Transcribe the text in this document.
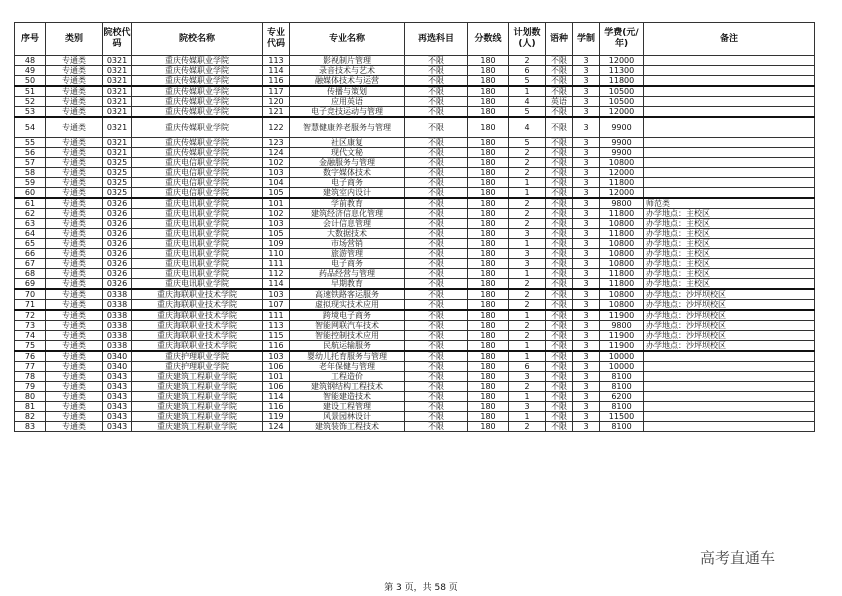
序号	类别	院校代码	院校名称	专业代码	专业名称	再选科目	分数线	计划数(人)	语种	学制	学费(元/年)	备注
48	专通类	0321	重庆传媒职业学院	113	影视制片管理	不限	180	2	不限	3	12000	
49	专通类	0321	重庆传媒职业学院	114	录音技术与艺术	不限	180	6	不限	3	11300	
50	专通类	0321	重庆传媒职业学院	116	融媒体技术与运营	不限	180	5	不限	3	11800	
51	专通类	0321	重庆传媒职业学院	117	传播与策划	不限	180	1	不限	3	10500	
52	专通类	0321	重庆传媒职业学院	120	应用英语	不限	180	4	英语	3	10500	
53	专通类	0321	重庆传媒职业学院	121	电子竞技运动与管理	不限	180	5	不限	3	12000	
54	专通类	0321	重庆传媒职业学院	122	智慧健康养老服务与管理	不限	180	4	不限	3	9900	
55	专通类	0321	重庆传媒职业学院	123	社区康复	不限	180	5	不限	3	9900	
56	专通类	0321	重庆传媒职业学院	124	现代文秘	不限	180	2	不限	3	9900	
57	专通类	0325	重庆电信职业学院	102	金融服务与管理	不限	180	2	不限	3	10800	
58	专通类	0325	重庆电信职业学院	103	数字媒体技术	不限	180	2	不限	3	12000	
59	专通类	0325	重庆电信职业学院	104	电子商务	不限	180	1	不限	3	11800	
60	专通类	0325	重庆电信职业学院	105	建筑室内设计	不限	180	1	不限	3	12000	
61	专通类	0326	重庆电讯职业学院	101	学前教育	不限	180	2	不限	3	9800	师范类
62	专通类	0326	重庆电讯职业学院	102	建筑经济信息化管理	不限	180	2	不限	3	11800	办学地点：主校区
63	专通类	0326	重庆电讯职业学院	103	会计信息管理	不限	180	2	不限	3	10800	办学地点：主校区
64	专通类	0326	重庆电讯职业学院	105	大数据技术	不限	180	3	不限	3	11800	办学地点：主校区
65	专通类	0326	重庆电讯职业学院	109	市场营销	不限	180	1	不限	3	10800	办学地点：主校区
66	专通类	0326	重庆电讯职业学院	110	旅游管理	不限	180	3	不限	3	10800	办学地点：主校区
67	专通类	0326	重庆电讯职业学院	111	电子商务	不限	180	3	不限	3	10800	办学地点：主校区
68	专通类	0326	重庆电讯职业学院	112	药品经营与管理	不限	180	1	不限	3	11800	办学地点：主校区
69	专通类	0326	重庆电讯职业学院	114	早期教育	不限	180	2	不限	3	11800	办学地点：主校区
70	专通类	0338	重庆海联职业技术学院	103	高速铁路客运服务	不限	180	2	不限	3	10800	办学地点：沙坪坝校区
71	专通类	0338	重庆海联职业技术学院	107	虚拟现实技术应用	不限	180	2	不限	3	10800	办学地点：沙坪坝校区
72	专通类	0338	重庆海联职业技术学院	111	跨境电子商务	不限	180	1	不限	3	11900	办学地点：沙坪坝校区
73	专通类	0338	重庆海联职业技术学院	113	智能网联汽车技术	不限	180	2	不限	3	9800	办学地点：沙坪坝校区
74	专通类	0338	重庆海联职业技术学院	115	智能控制技术应用	不限	180	2	不限	3	11900	办学地点：沙坪坝校区
75	专通类	0338	重庆海联职业技术学院	116	民航运输服务	不限	180	1	不限	3	11900	办学地点：沙坪坝校区
76	专通类	0340	重庆护理职业学院	103	婴幼儿托育服务与管理	不限	180	1	不限	3	10000	
77	专通类	0340	重庆护理职业学院	106	老年保健与管理	不限	180	6	不限	3	10000	
78	专通类	0343	重庆建筑工程职业学院	101	工程造价	不限	180	3	不限	3	8100	
79	专通类	0343	重庆建筑工程职业学院	106	建筑钢结构工程技术	不限	180	2	不限	3	8100	
80	专通类	0343	重庆建筑工程职业学院	114	智能建造技术	不限	180	1	不限	3	6200	
81	专通类	0343	重庆建筑工程职业学院	116	建设工程管理	不限	180	3	不限	3	8100	
82	专通类	0343	重庆建筑工程职业学院	119	风景园林设计	不限	180	1	不限	3	11500	
83	专通类	0343	重庆建筑工程职业学院	124	建筑装饰工程技术	不限	180	2	不限	3	8100	
第 3 页，共 58 页
高考直通车
